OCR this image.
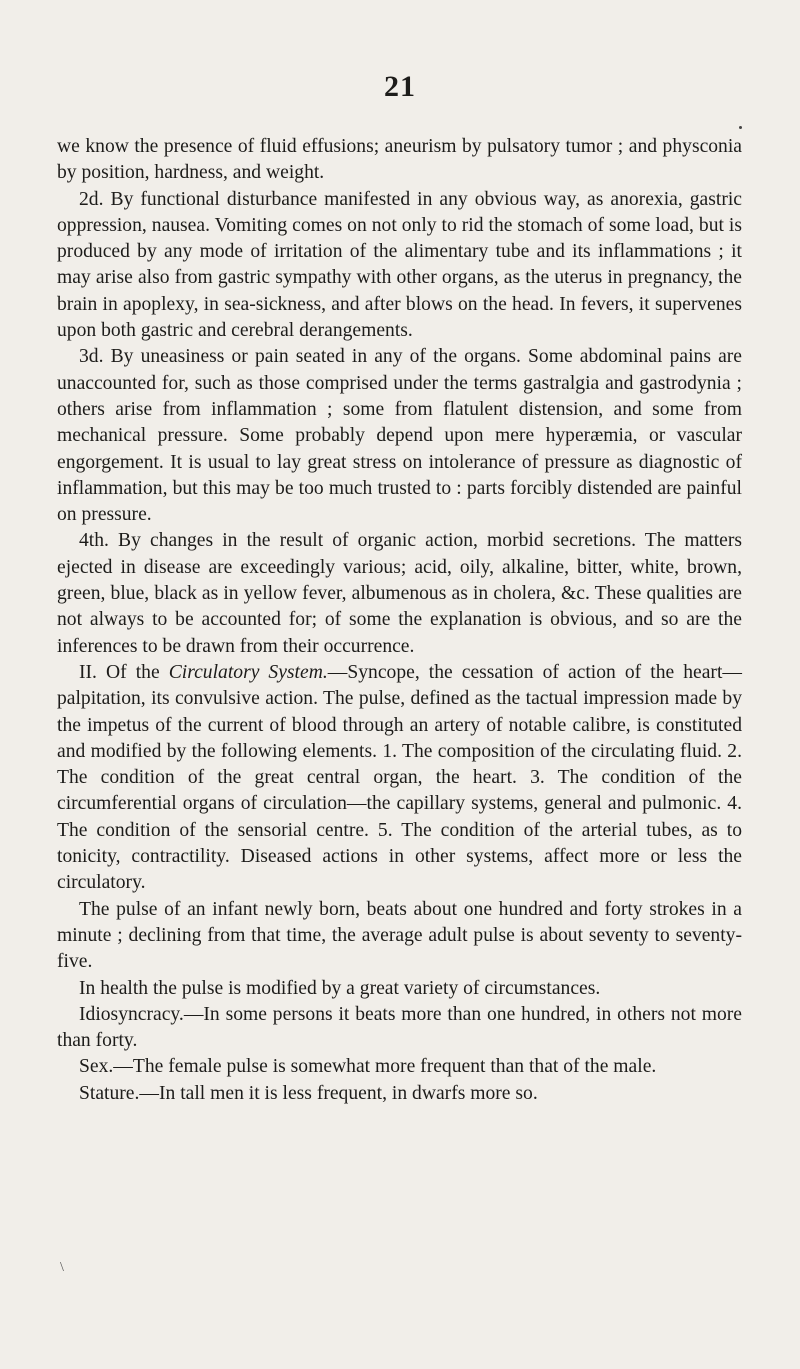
21

we know the presence of fluid effusions; aneurism by pulsatory tumor ; and physconia by position, hardness, and weight.

2d. By functional disturbance manifested in any obvious way, as anorexia, gastric oppression, nausea. Vomiting comes on not only to rid the stomach of some load, but is produced by any mode of irritation of the alimentary tube and its inflammations ; it may arise also from gastric sympathy with other organs, as the uterus in pregnancy, the brain in apoplexy, in sea-sickness, and after blows on the head. In fevers, it supervenes upon both gastric and cerebral derangements.

3d. By uneasiness or pain seated in any of the organs. Some abdominal pains are unaccounted for, such as those comprised under the terms gastralgia and gastrodynia ; others arise from inflammation ; some from flatulent distension, and some from mechanical pressure. Some probably depend upon mere hyperæmia, or vascular engorgement. It is usual to lay great stress on intolerance of pressure as diagnostic of inflammation, but this may be too much trusted to : parts forcibly distended are painful on pressure.

4th. By changes in the result of organic action, morbid secretions. The matters ejected in disease are exceedingly various; acid, oily, alkaline, bitter, white, brown, green, blue, black as in yellow fever, albumenous as in cholera, &c. These qualities are not always to be accounted for; of some the explanation is obvious, and so are the inferences to be drawn from their occurrence.

II. Of the Circulatory System.—Syncope, the cessation of action of the heart—palpitation, its convulsive action. The pulse, defined as the tactual impression made by the impetus of the current of blood through an artery of notable calibre, is constituted and modified by the following elements. 1. The composition of the circulating fluid. 2. The condition of the great central organ, the heart. 3. The condition of the circumferential organs of circulation—the capillary systems, general and pulmonic. 4. The condition of the sensorial centre. 5. The condition of the arterial tubes, as to tonicity, contractility. Diseased actions in other systems, affect more or less the circulatory.

The pulse of an infant newly born, beats about one hundred and forty strokes in a minute ; declining from that time, the average adult pulse is about seventy to seventy-five.

In health the pulse is modified by a great variety of circumstances.

Idiosyncracy.—In some persons it beats more than one hundred, in others not more than forty.

Sex.—The female pulse is somewhat more frequent than that of the male.

Stature.—In tall men it is less frequent, in dwarfs more so.

\
